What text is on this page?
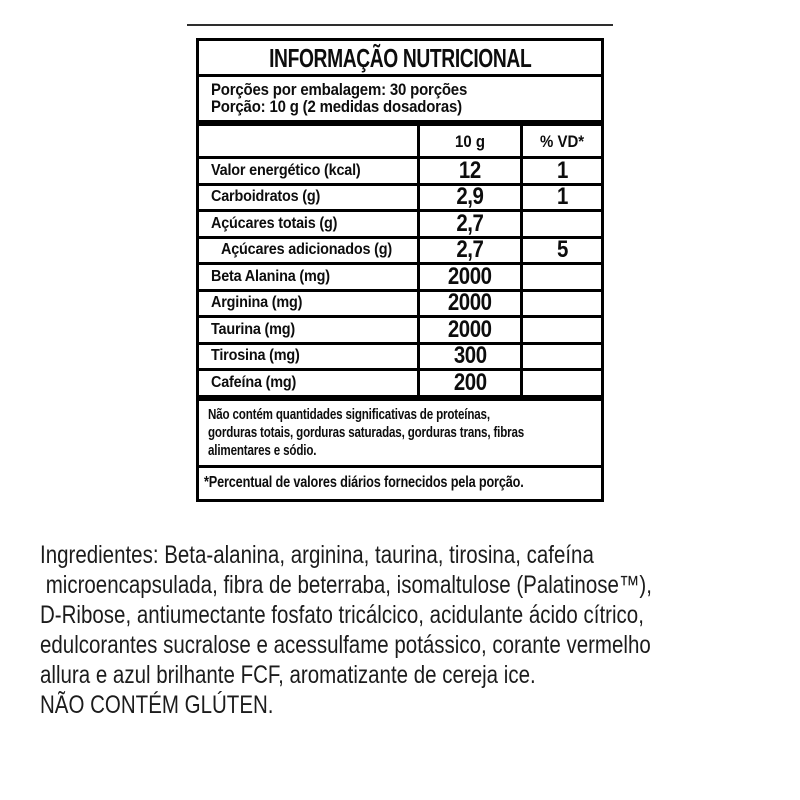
INFORMAÇÃO NUTRICIONAL
Porções por embalagem: 30 porções
Porção: 10 g (2 medidas dosadoras)
10 g	% VD*
Valor energético (kcal)	12	1
Carboidratos (g)	2,9	1
Açúcares totais (g)	2,7
Açúcares adicionados (g)	2,7	5
Beta Alanina (mg)	2000
Arginina (mg)	2000
Taurina (mg)	2000
Tirosina (mg)	300
Cafeína (mg)	200
Não contém quantidades significativas de proteínas,
gorduras totais, gorduras saturadas, gorduras trans, fibras
alimentares e sódio.
*Percentual de valores diários fornecidos pela porção.
Ingredientes: Beta-alanina, arginina, taurina, tirosina, cafeína
microencapsulada, fibra de beterraba, isomaltulose (Palatinose™),
D-Ribose, antiumectante fosfato tricálcico, acidulante ácido cítrico,
edulcorantes sucralose e acessulfame potássico, corante vermelho
allura e azul brilhante FCF, aromatizante de cereja ice.
NÃO CONTÉM GLÚTEN.
